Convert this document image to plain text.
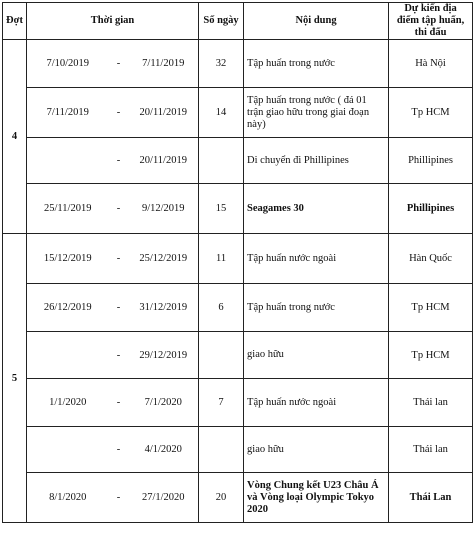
Đợt	Thời gian			Số ngày	Nội dung	Dự kiến địa điểm tập huấn, thi đấu
4	7/10/2019	-	7/11/2019	32	Tập huấn trong nước	Hà Nội
	7/11/2019	-	20/11/2019	14	Tập huấn trong nước ( đá 01 trận giao hữu trong giai đoạn này)	Tp HCM
		-	20/11/2019		Di chuyển đi Phillipines	Phillipines
	25/11/2019	-	9/12/2019	15	Seagames 30	Phillipines
5	15/12/2019	-	25/12/2019	11	Tập huấn nước ngoài	Hàn Quốc
	26/12/2019	-	31/12/2019	6	Tập huấn trong nước	Tp HCM
		-	29/12/2019		giao hữu	Tp HCM
	1/1/2020	-	7/1/2020	7	Tập huấn nước ngoài	Thái lan
		-	4/1/2020		giao hữu	Thái lan
	8/1/2020	-	27/1/2020	20	Vòng Chung kết U23 Châu Á và Vòng loại Olympic Tokyo 2020	Thái Lan
